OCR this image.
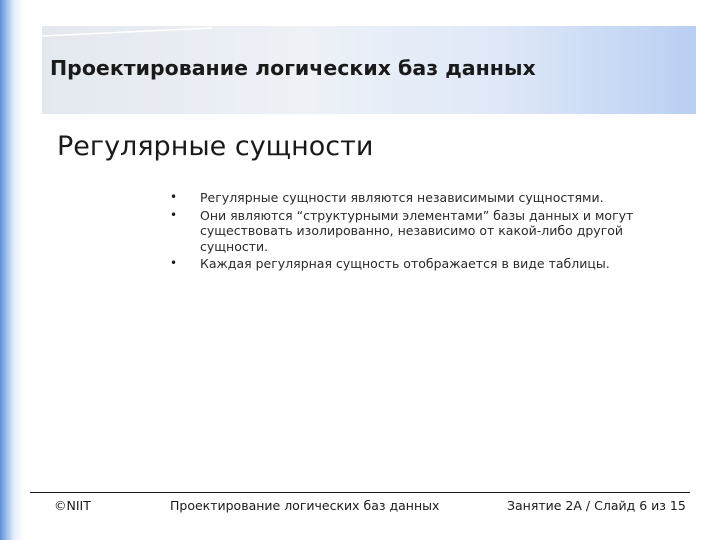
Проектирование логических баз данных
Регулярные сущности
• Регулярные сущности являются независимыми сущностями.
• Они являются “структурными элементами” базы данных и могут существовать изолированно, независимо от какой-либо другой сущности.
• Каждая регулярная сущность отображается в виде таблицы.
©NIIT	Проектирование логических баз данных	Занятие 2A / Слайд 6 из 15
